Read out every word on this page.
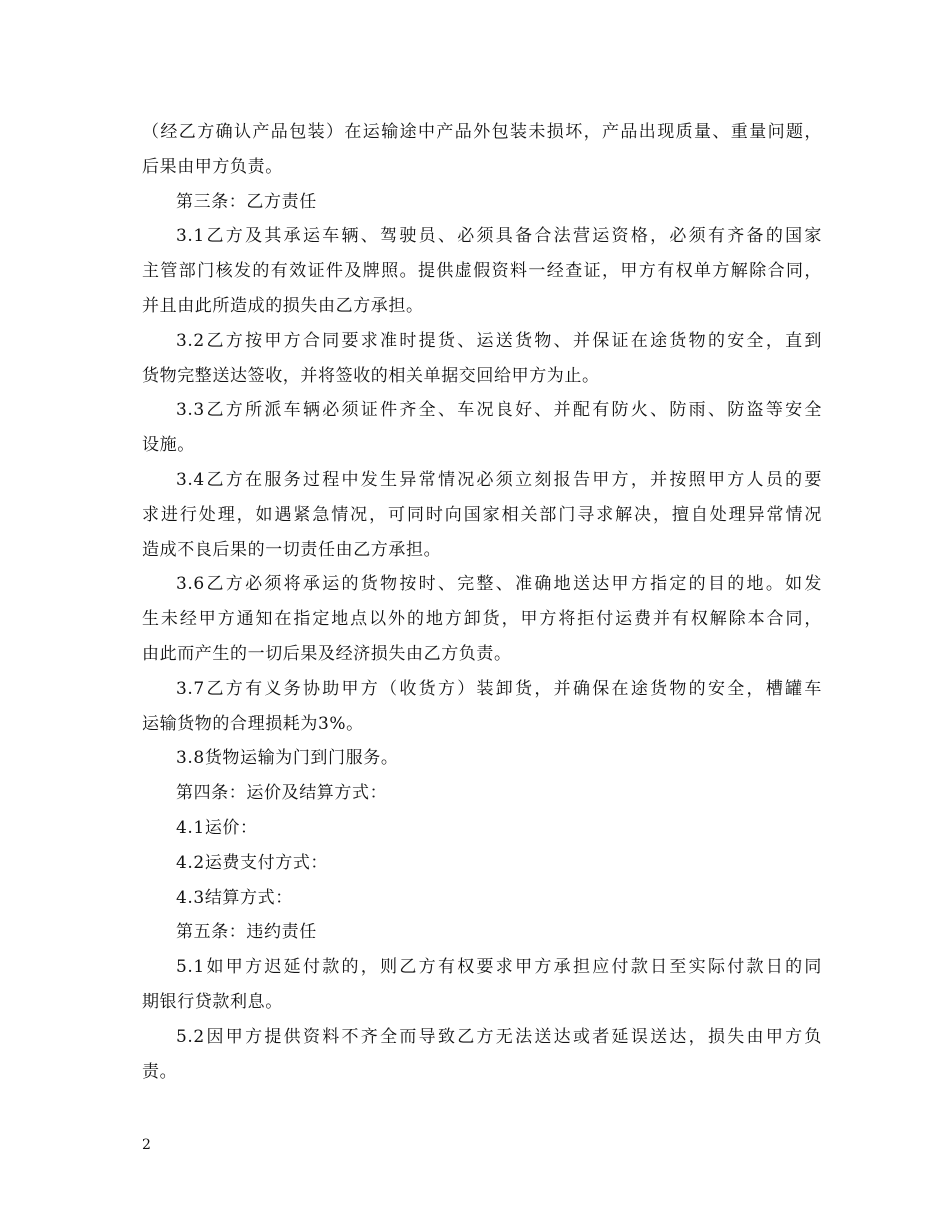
（经乙方确认产品包装）在运输途中产品外包装未损坏，产品出现质量、重量问题，
后果由甲方负责。
第三条：乙方责任
3.1乙方及其承运车辆、驾驶员、必须具备合法营运资格，必须有齐备的国家
主管部门核发的有效证件及牌照。提供虚假资料一经查证，甲方有权单方解除合同，
并且由此所造成的损失由乙方承担。
3.2乙方按甲方合同要求准时提货、运送货物、并保证在途货物的安全，直到
货物完整送达签收，并将签收的相关单据交回给甲方为止。
3.3乙方所派车辆必须证件齐全、车况良好、并配有防火、防雨、防盗等安全
设施。
3.4乙方在服务过程中发生异常情况必须立刻报告甲方，并按照甲方人员的要
求进行处理，如遇紧急情况，可同时向国家相关部门寻求解决，擅自处理异常情况
造成不良后果的一切责任由乙方承担。
3.6乙方必须将承运的货物按时、完整、准确地送达甲方指定的目的地。如发
生未经甲方通知在指定地点以外的地方卸货，甲方将拒付运费并有权解除本合同，
由此而产生的一切后果及经济损失由乙方负责。
3.7乙方有义务协助甲方（收货方）装卸货，并确保在途货物的安全，槽罐车
运输货物的合理损耗为3%。
3.8货物运输为门到门服务。
第四条：运价及结算方式：
4.1运价：
4.2运费支付方式：
4.3结算方式：
第五条：违约责任
5.1如甲方迟延付款的，则乙方有权要求甲方承担应付款日至实际付款日的同
期银行贷款利息。
5.2因甲方提供资料不齐全而导致乙方无法送达或者延误送达，损失由甲方负
责。
2
